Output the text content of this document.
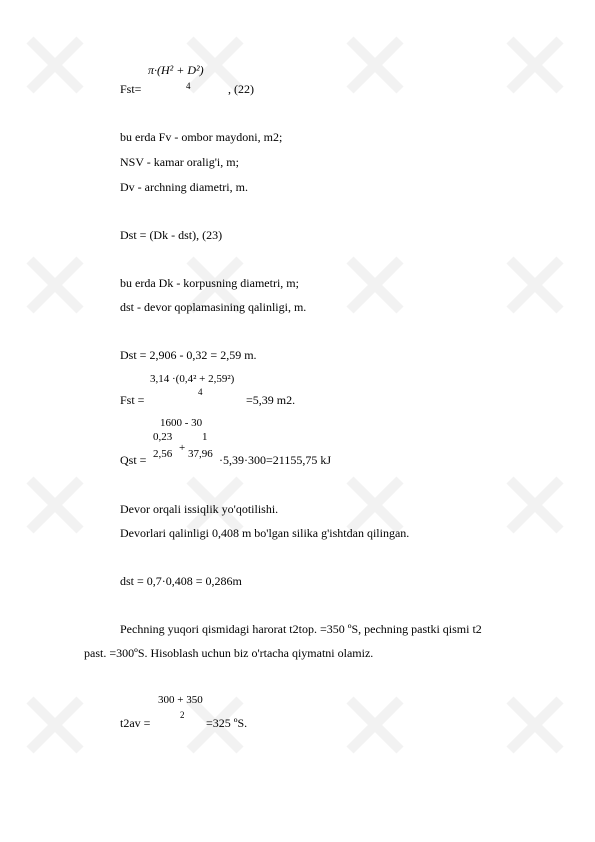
π·(H² + D²)
4
Fst=	, (22)
bu erda Fv - ombor maydoni, m2;
NSV - kamar oralig'i, m;
Dv - archning diametri, m.
Dst = (Dk - dst), (23)
bu erda Dk - korpusning diametri, m;
dst - devor qoplamasining qalinligi, m.
Dst = 2,906 - 0,32 = 2,59 m.
3,14 ·(0,4² + 2,59²)
4
Fst =	=5,39 m2.
1600 - 30
0,23	1
2,56 + 37,96
Qst =	·5,39·300=21155,75 kJ
Devor orqali issiqlik yo'qotilishi.
Devorlari qalinligi 0,408 m bo'lgan silika g'ishtdan qilingan.
dst = 0,7·0,408 = 0,286m
Pechning yuqori qismidagi harorat t2top. =350 ºS, pechning pastki qismi t2
past. =300ºS. Hisoblash uchun biz o'rtacha qiymatni olamiz.
300 + 350
2
t2av =	=325 ºS.
